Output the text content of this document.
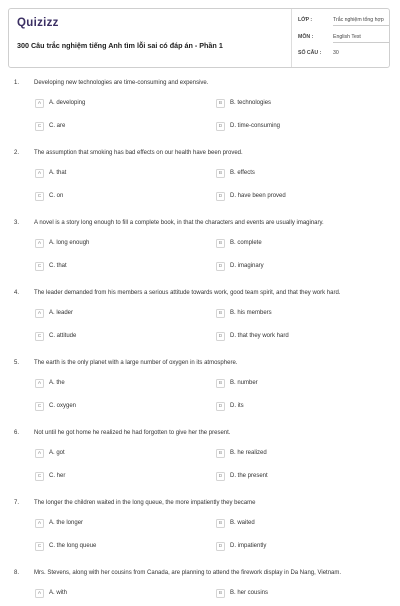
Quizizz
300 Câu trắc nghiệm tiếng Anh tìm lỗi sai có đáp án - Phần 1
LỚP :	Trắc nghiệm tổng hợp
MÔN :	English Test
SỐ CÂU : 30
1. Developing new technologies are time-consuming and expensive.
A	A. developing	B	B. technologies
C	C. are	D	D. time-consuming
2. The assumption that smoking has bad effects on our health have been proved.
A	A. that	B	B. effects
C	C. on	D	D. have been proved
3. A novel is a story long enough to fill a complete book, in that the characters and events are usually imaginary.
A	A. long enough	B	B. complete
C	C. that	D	D. imaginary
4. The leader demanded from his members a serious attitude towards work, good team spirit, and that they work hard.
A	A. leader	B	B. his members
C	C. attitude	D	D. that they work hard
5. The earth is the only planet with a large number of oxygen in its atmosphere.
A	A. the	B	B. number
C	C. oxygen	D	D. its
6. Not until he got home he realized he had forgotten to give her the present.
A	A. got	B	B. he realized
C	C. her	D	D. the present
7. The longer the children waited in the long queue, the more impatiently they became
A	A. the longer	B	B. waited
C	C. the long queue	D	D. impatiently
8. Mrs. Stevens, along with her cousins from Canada, are planning to attend the firework display in Da Nang, Vietnam.
A	A. with	B	B. her cousins
